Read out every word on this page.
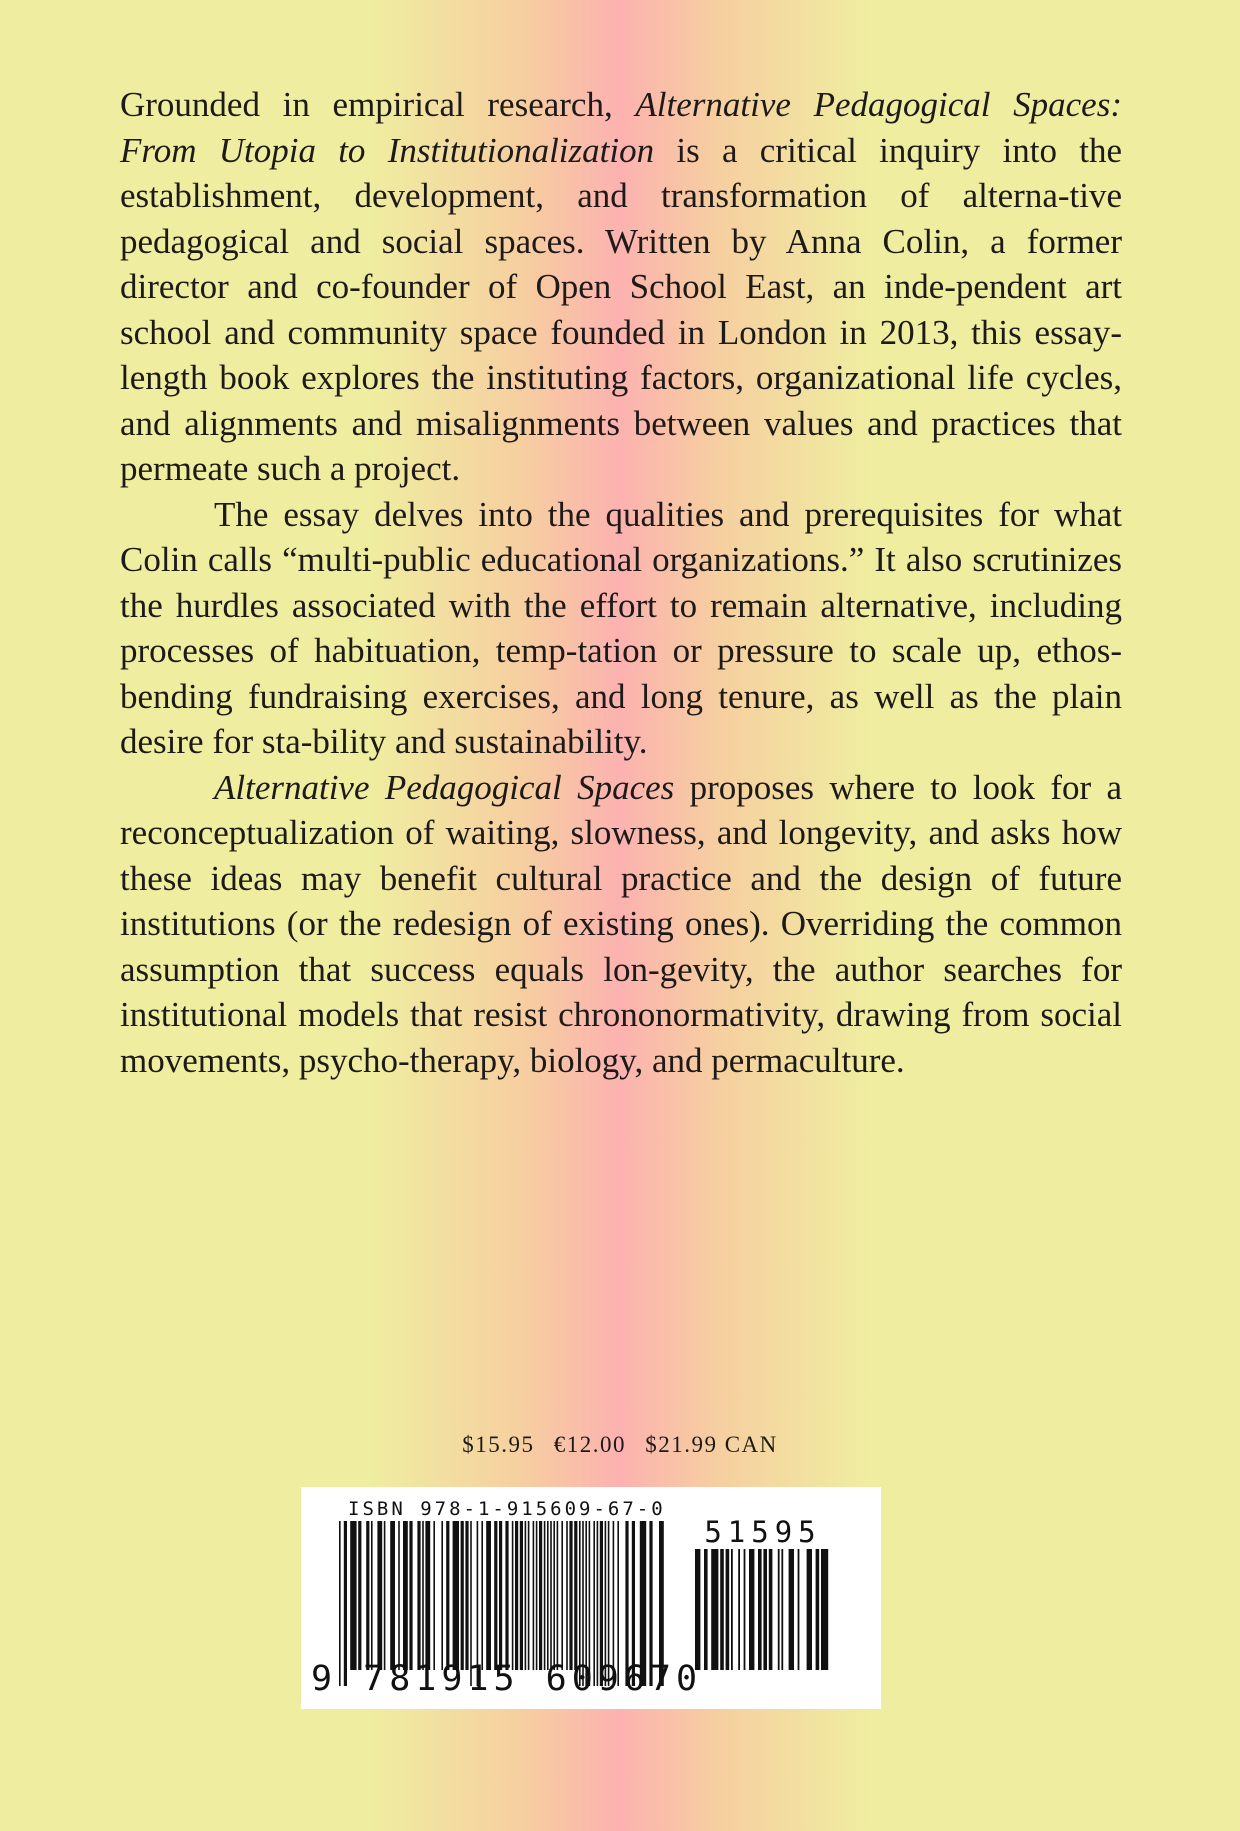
Grounded in empirical research, Alternative Pedagogical Spaces: From Utopia to Institutionalization is a critical inquiry into the establishment, development, and transformation of alterna-tive pedagogical and social spaces. Written by Anna Colin, a former director and co-founder of Open School East, an inde-pendent art school and community space founded in London in 2013, this essay-length book explores the instituting factors, organizational life cycles, and alignments and misalignments between values and practices that permeate such a project.

The essay delves into the qualities and prerequisites for what Colin calls “multi-public educational organizations.” It also scrutinizes the hurdles associated with the effort to remain alternative, including processes of habituation, temp-tation or pressure to scale up, ethos-bending fundraising exercises, and long tenure, as well as the plain desire for sta-bility and sustainability.

Alternative Pedagogical Spaces proposes where to look for a reconceptualization of waiting, slowness, and longevity, and asks how these ideas may benefit cultural practice and the design of future institutions (or the redesign of existing ones). Overriding the common assumption that success equals lon-gevity, the author searches for institutional models that resist chrononormativity, drawing from social movements, psycho-therapy, biology, and permaculture.

$15.95 €12.00 $21.99 CAN
ISBN 978-1-915609-67-0
51595
9 781915 609670
